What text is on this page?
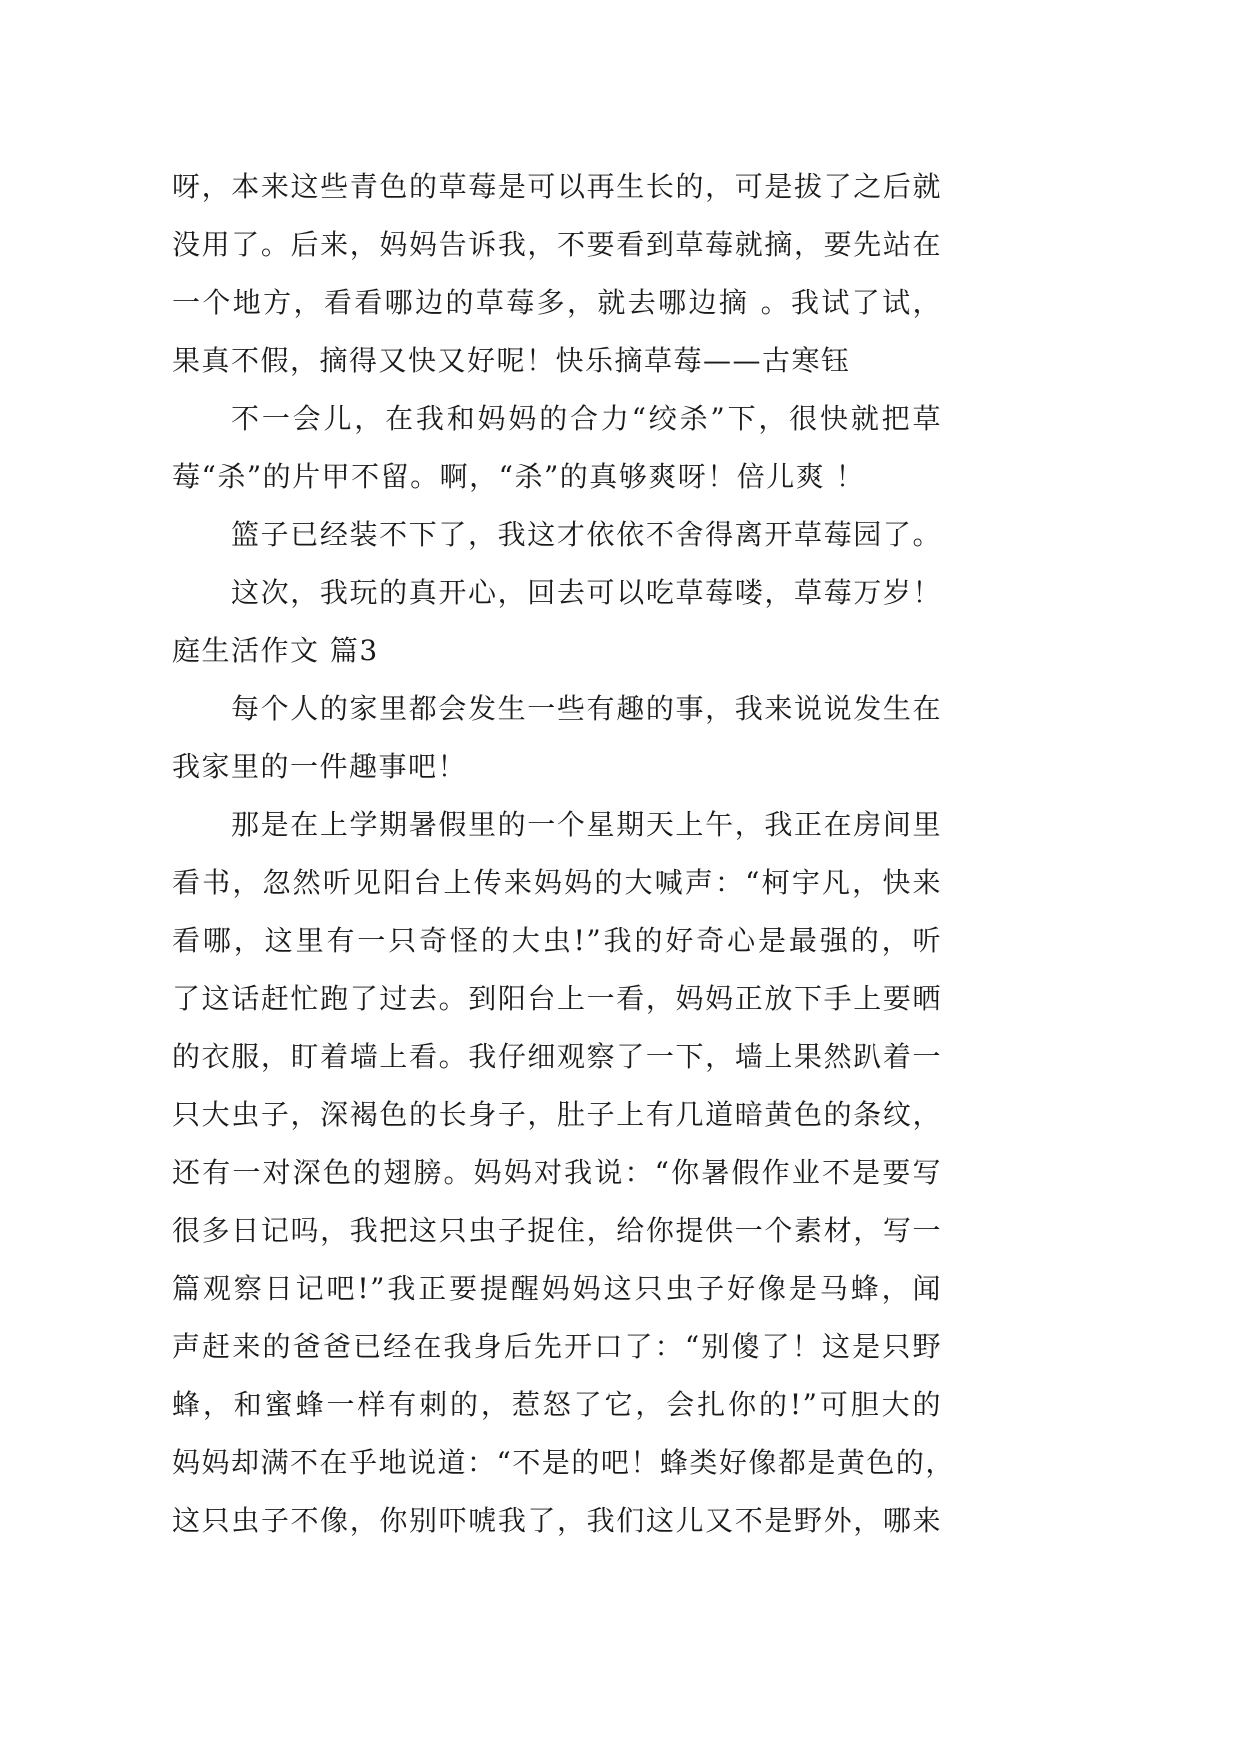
呀，本来这些青色的草莓是可以再生长的，可是拔了之后就
没用了。后来，妈妈告诉我，不要看到草莓就摘，要先站在
一个地方，看看哪边的草莓多，就去哪边摘 。我试了试，
果真不假，摘得又快又好呢！快乐摘草莓——古寒钰
不一会儿，在我和妈妈的合力“绞杀”下，很快就把草
莓“杀”的片甲不留。啊，“杀”的真够爽呀！倍儿爽 ！
篮子已经装不下了，我这才依依不舍得离开草莓园了。
这次，我玩的真开心，回去可以吃草莓喽，草莓万岁！
庭生活作文 篇3
每个人的家里都会发生一些有趣的事，我来说说发生在
我家里的一件趣事吧！
那是在上学期暑假里的一个星期天上午，我正在房间里
看书，忽然听见阳台上传来妈妈的大喊声：“柯宇凡，快来
看哪，这里有一只奇怪的大虫!”我的好奇心是最强的，听
了这话赶忙跑了过去。到阳台上一看，妈妈正放下手上要晒
的衣服，盯着墙上看。我仔细观察了一下，墙上果然趴着一
只大虫子，深褐色的长身子，肚子上有几道暗黄色的条纹，
还有一对深色的翅膀。妈妈对我说：“你暑假作业不是要写
很多日记吗，我把这只虫子捉住，给你提供一个素材，写一
篇观察日记吧!”我正要提醒妈妈这只虫子好像是马蜂，闻
声赶来的爸爸已经在我身后先开口了：“别傻了！这是只野
蜂，和蜜蜂一样有刺的，惹怒了它，会扎你的!”可胆大的
妈妈却满不在乎地说道：“不是的吧！蜂类好像都是黄色的，
这只虫子不像，你别吓唬我了，我们这儿又不是野外，哪来
